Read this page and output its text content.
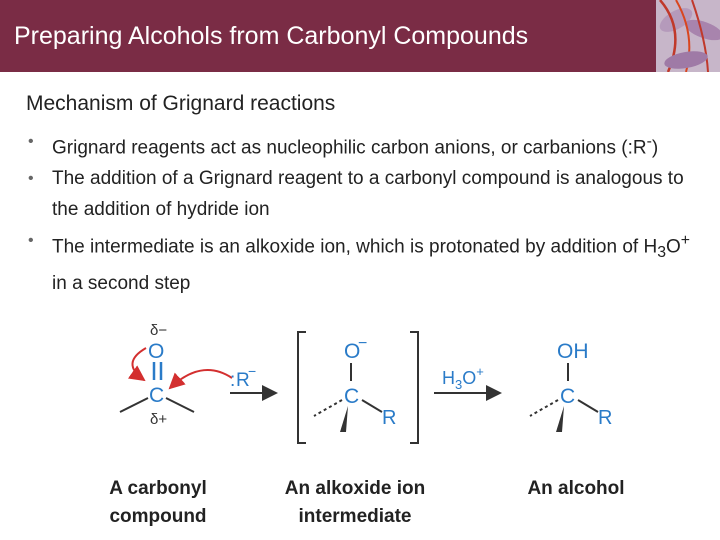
Preparing Alcohols from Carbonyl Compounds
Mechanism of Grignard reactions
• Grignard reagents act as nucleophilic carbon anions, or carbanions (:R-)
• The addition of a Grignard reagent to a carbonyl compound is analogous to the addition of hydride ion
• The intermediate is an alkoxide ion, which is protonated by addition of $H_3O^+$ in a second step
δ−
O
C
δ+
: R
−
−
O
C
R
$H_3O^+$
OH
C
R
A carbonyl
compound
An alkoxide ion
intermediate
An alcohol
